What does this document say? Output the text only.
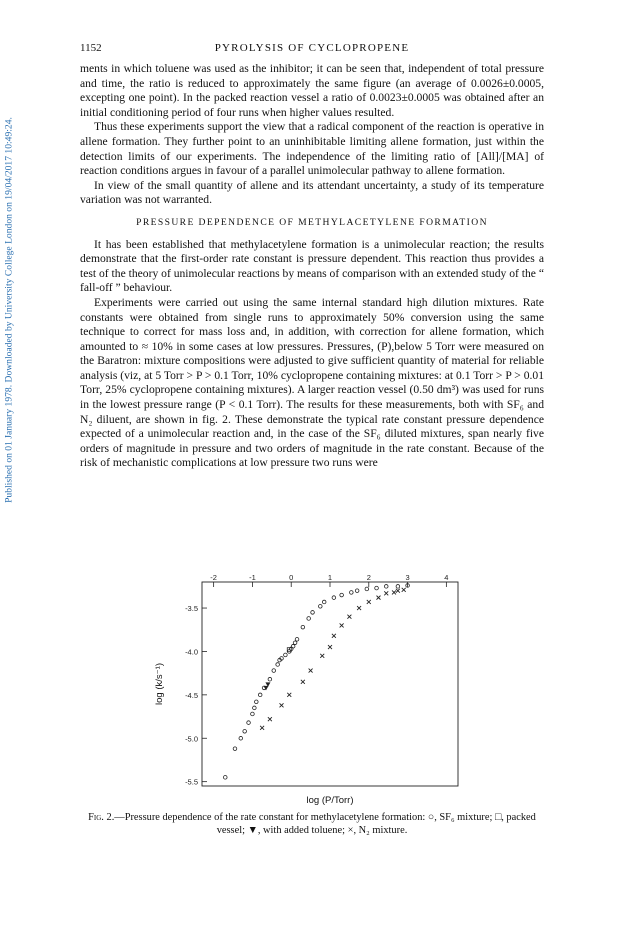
Published on 01 January 1978. Downloaded by University College London on 19/04/2017 10:49:24.
1152	PYROLYSIS OF CYCLOPROPENE

ments in which toluene was used as the inhibitor; it can be seen that, independent of total pressure and time, the ratio is reduced to approximately the same figure (an average of 0.0026±0.0005, excepting one point). In the packed reaction vessel a ratio of 0.0023±0.0005 was obtained after an initial conditioning period of four runs when higher values resulted.

Thus these experiments support the view that a radical component of the reaction is operative in allene formation. They further point to an uninhibitable limiting allene formation, just within the detection limits of our experiments. The independence of the limiting ratio of [All]/[MA] of reaction conditions argues in favour of a parallel unimolecular pathway to allene formation.

In view of the small quantity of allene and its attendant uncertainty, a study of its temperature variation was not warranted.

PRESSURE DEPENDENCE OF METHYLACETYLENE FORMATION

It has been established that methylacetylene formation is a unimolecular reaction; the results demonstrate that the first-order rate constant is pressure dependent. This reaction thus provides a test of the theory of unimolecular reactions by means of comparison with an extended study of the “ fall-off ” behaviour.

Experiments were carried out using the same internal standard high dilution mixtures. Rate constants were obtained from single runs to approximately 50% conversion using the same technique to correct for mass loss and, in addition, with correction for allene formation, which amounted to ≈ 10% in some cases at low pressures. Pressures, (P),below 5 Torr were measured on the Baratron: mixture compositions were adjusted to give sufficient quantity of material for reliable analysis (viz, at 5 Torr > P > 0.1 Torr, 10% cyclopropene containing mixtures: at 0.1 Torr > P > 0.01 Torr, 25% cyclopropene containing mixtures). A larger reaction vessel (0.50 dm³) was used for runs in the lowest pressure range (P < 0.1 Torr). The results for these measurements, both with SF₆ and N₂ diluent, are shown in fig. 2. These demonstrate the typical rate constant pressure dependence expected of a unimolecular reaction and, in the case of the SF₆ diluted mixtures, span nearly five orders of magnitude in pressure and two orders of magnitude in the rate constant. Because of the risk of mechanistic complications at low pressure two runs were

-2	-1	0	1	2	3	4
-3.5
-4.0
-4.5
-5.0
-5.5
log (P/Torr)
log (k/s⁻¹)
Fig. 2.—Pressure dependence of the rate constant for methylacetylene formation: ○, SF₆ mixture; □, packed vessel; ▼, with added toluene; ×, N₂ mixture.
